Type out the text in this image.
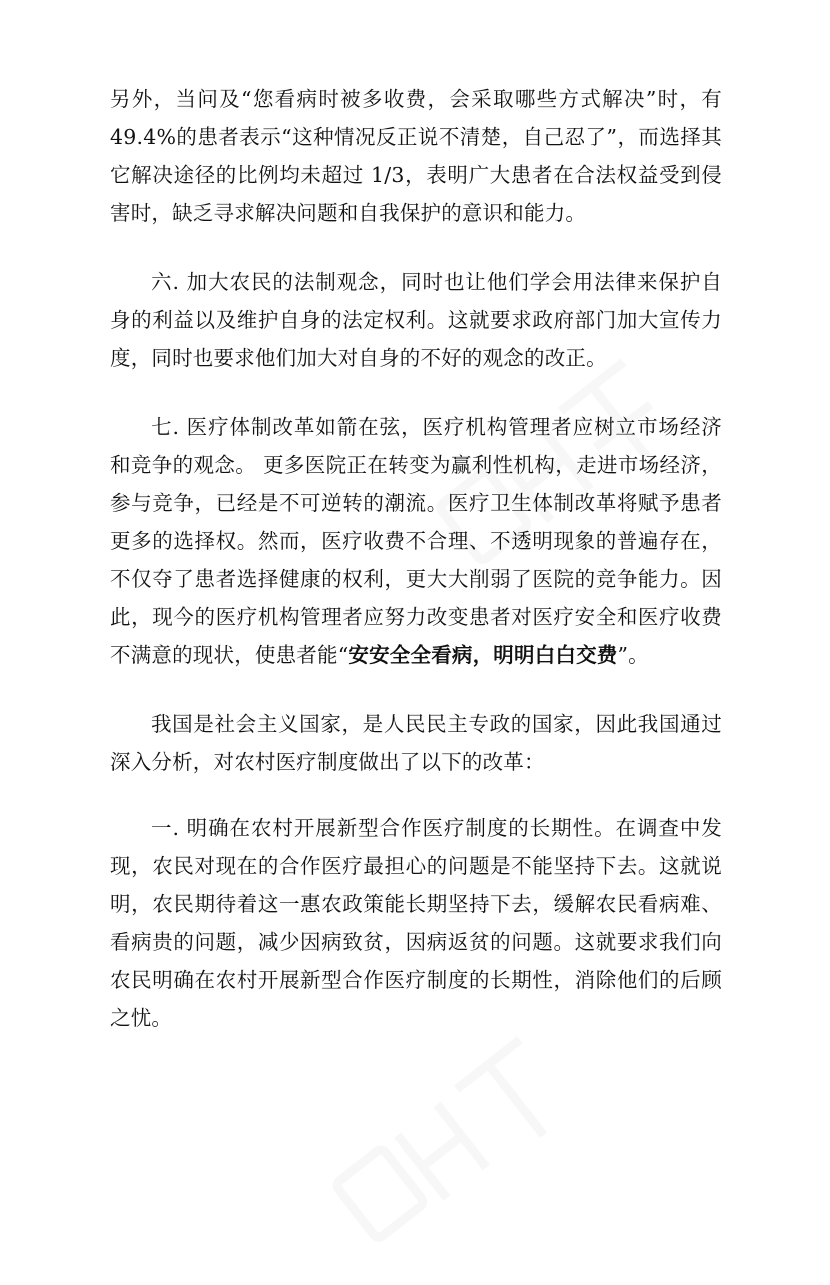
另外，当问及“您看病时被多收费，会采取哪些方式解决”时，有 49.4%的患者表示“这种情况反正说不清楚，自己忍了”，而选择其它解决途径的比例均未超过 1/3，表明广大患者在合法权益受到侵害时，缺乏寻求解决问题和自我保护的意识和能力。

六. 加大农民的法制观念，同时也让他们学会用法律来保护自身的利益以及维护自身的法定权利。这就要求政府部门加大宣传力度，同时也要求他们加大对自身的不好的观念的改正。

七. 医疗体制改革如箭在弦，医疗机构管理者应树立市场经济和竞争的观念。 更多医院正在转变为赢利性机构，走进市场经济，参与竞争，已经是不可逆转的潮流。医疗卫生体制改革将赋予患者更多的选择权。然而，医疗收费不合理、不透明现象的普遍存在，不仅夺了患者选择健康的权利，更大大削弱了医院的竞争能力。因此，现今的医疗机构管理者应努力改变患者对医疗安全和医疗收费不满意的现状，使患者能“安安全全看病，明明白白交费”。

我国是社会主义国家，是人民民主专政的国家，因此我国通过深入分析，对农村医疗制度做出了以下的改革：

一. 明确在农村开展新型合作医疗制度的长期性。在调查中发现，农民对现在的合作医疗最担心的问题是不能坚持下去。这就说明，农民期待着这一惠农政策能长期坚持下去，缓解农民看病难、看病贵的问题，减少因病致贫，因病返贫的问题。这就要求我们向农民明确在农村开展新型合作医疗制度的长期性，消除他们的后顾之忧。
